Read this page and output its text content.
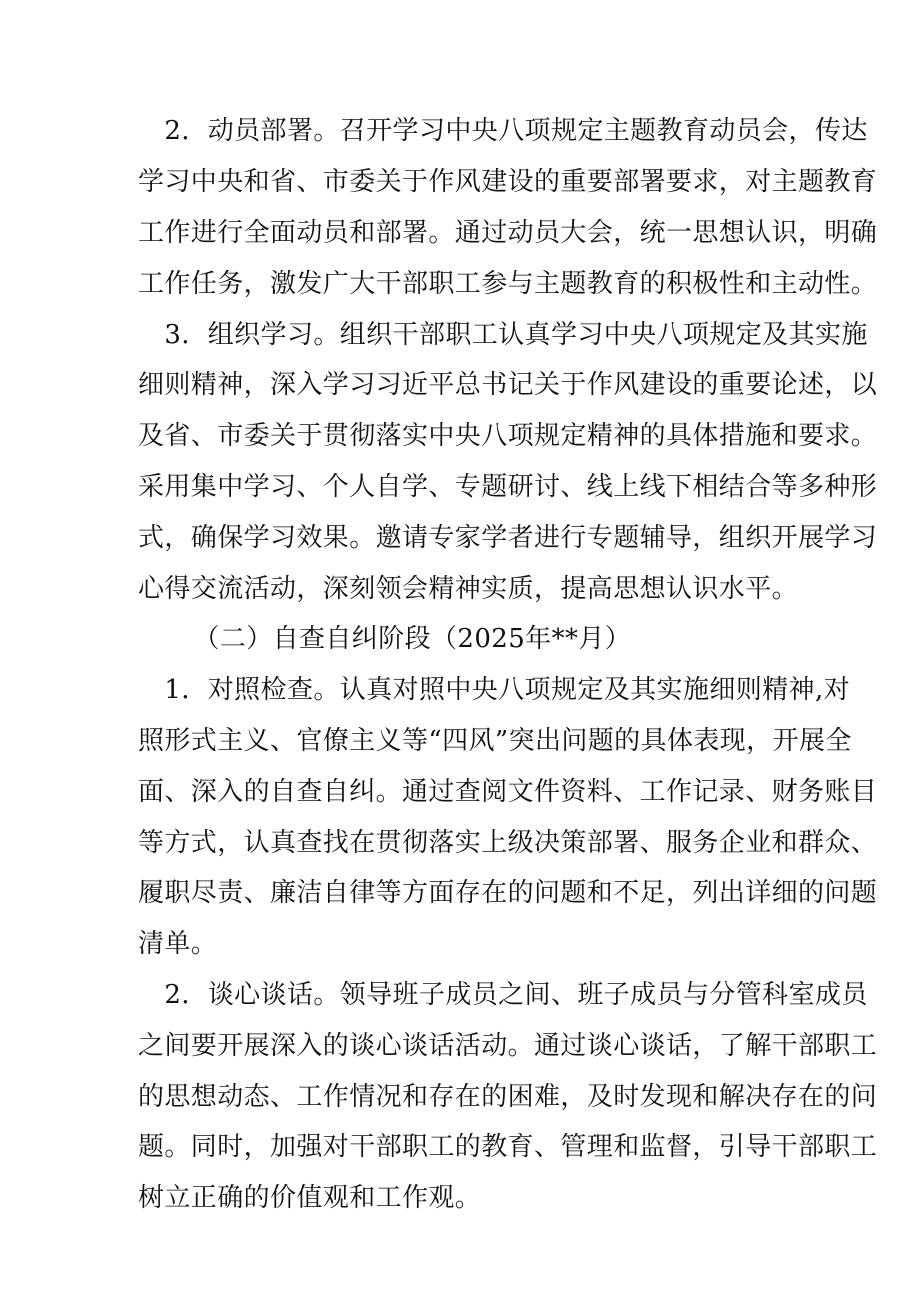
　2．动员部署。召开学习中央八项规定主题教育动员会，传达
学习中央和省、市委关于作风建设的重要部署要求，对主题教育
工作进行全面动员和部署。通过动员大会，统一思想认识，明确
工作任务，激发广大干部职工参与主题教育的积极性和主动性。
　3．组织学习。组织干部职工认真学习中央八项规定及其实施
细则精神，深入学习习近平总书记关于作风建设的重要论述，以
及省、市委关于贯彻落实中央八项规定精神的具体措施和要求。
采用集中学习、个人自学、专题研讨、线上线下相结合等多种形
式，确保学习效果。邀请专家学者进行专题辅导，组织开展学习
心得交流活动，深刻领会精神实质，提高思想认识水平。
　（二）自查自纠阶段（2025年**月）
　1．对照检查。认真对照中央八项规定及其实施细则精神,对
照形式主义、官僚主义等“四风”突出问题的具体表现，开展全
面、深入的自查自纠。通过查阅文件资料、工作记录、财务账目
等方式，认真查找在贯彻落实上级决策部署、服务企业和群众、
履职尽责、廉洁自律等方面存在的问题和不足，列出详细的问题
清单。
　2．谈心谈话。领导班子成员之间、班子成员与分管科室成员
之间要开展深入的谈心谈话活动。通过谈心谈话，了解干部职工
的思想动态、工作情况和存在的困难，及时发现和解决存在的问
题。同时，加强对干部职工的教育、管理和监督，引导干部职工
树立正确的价值观和工作观。
